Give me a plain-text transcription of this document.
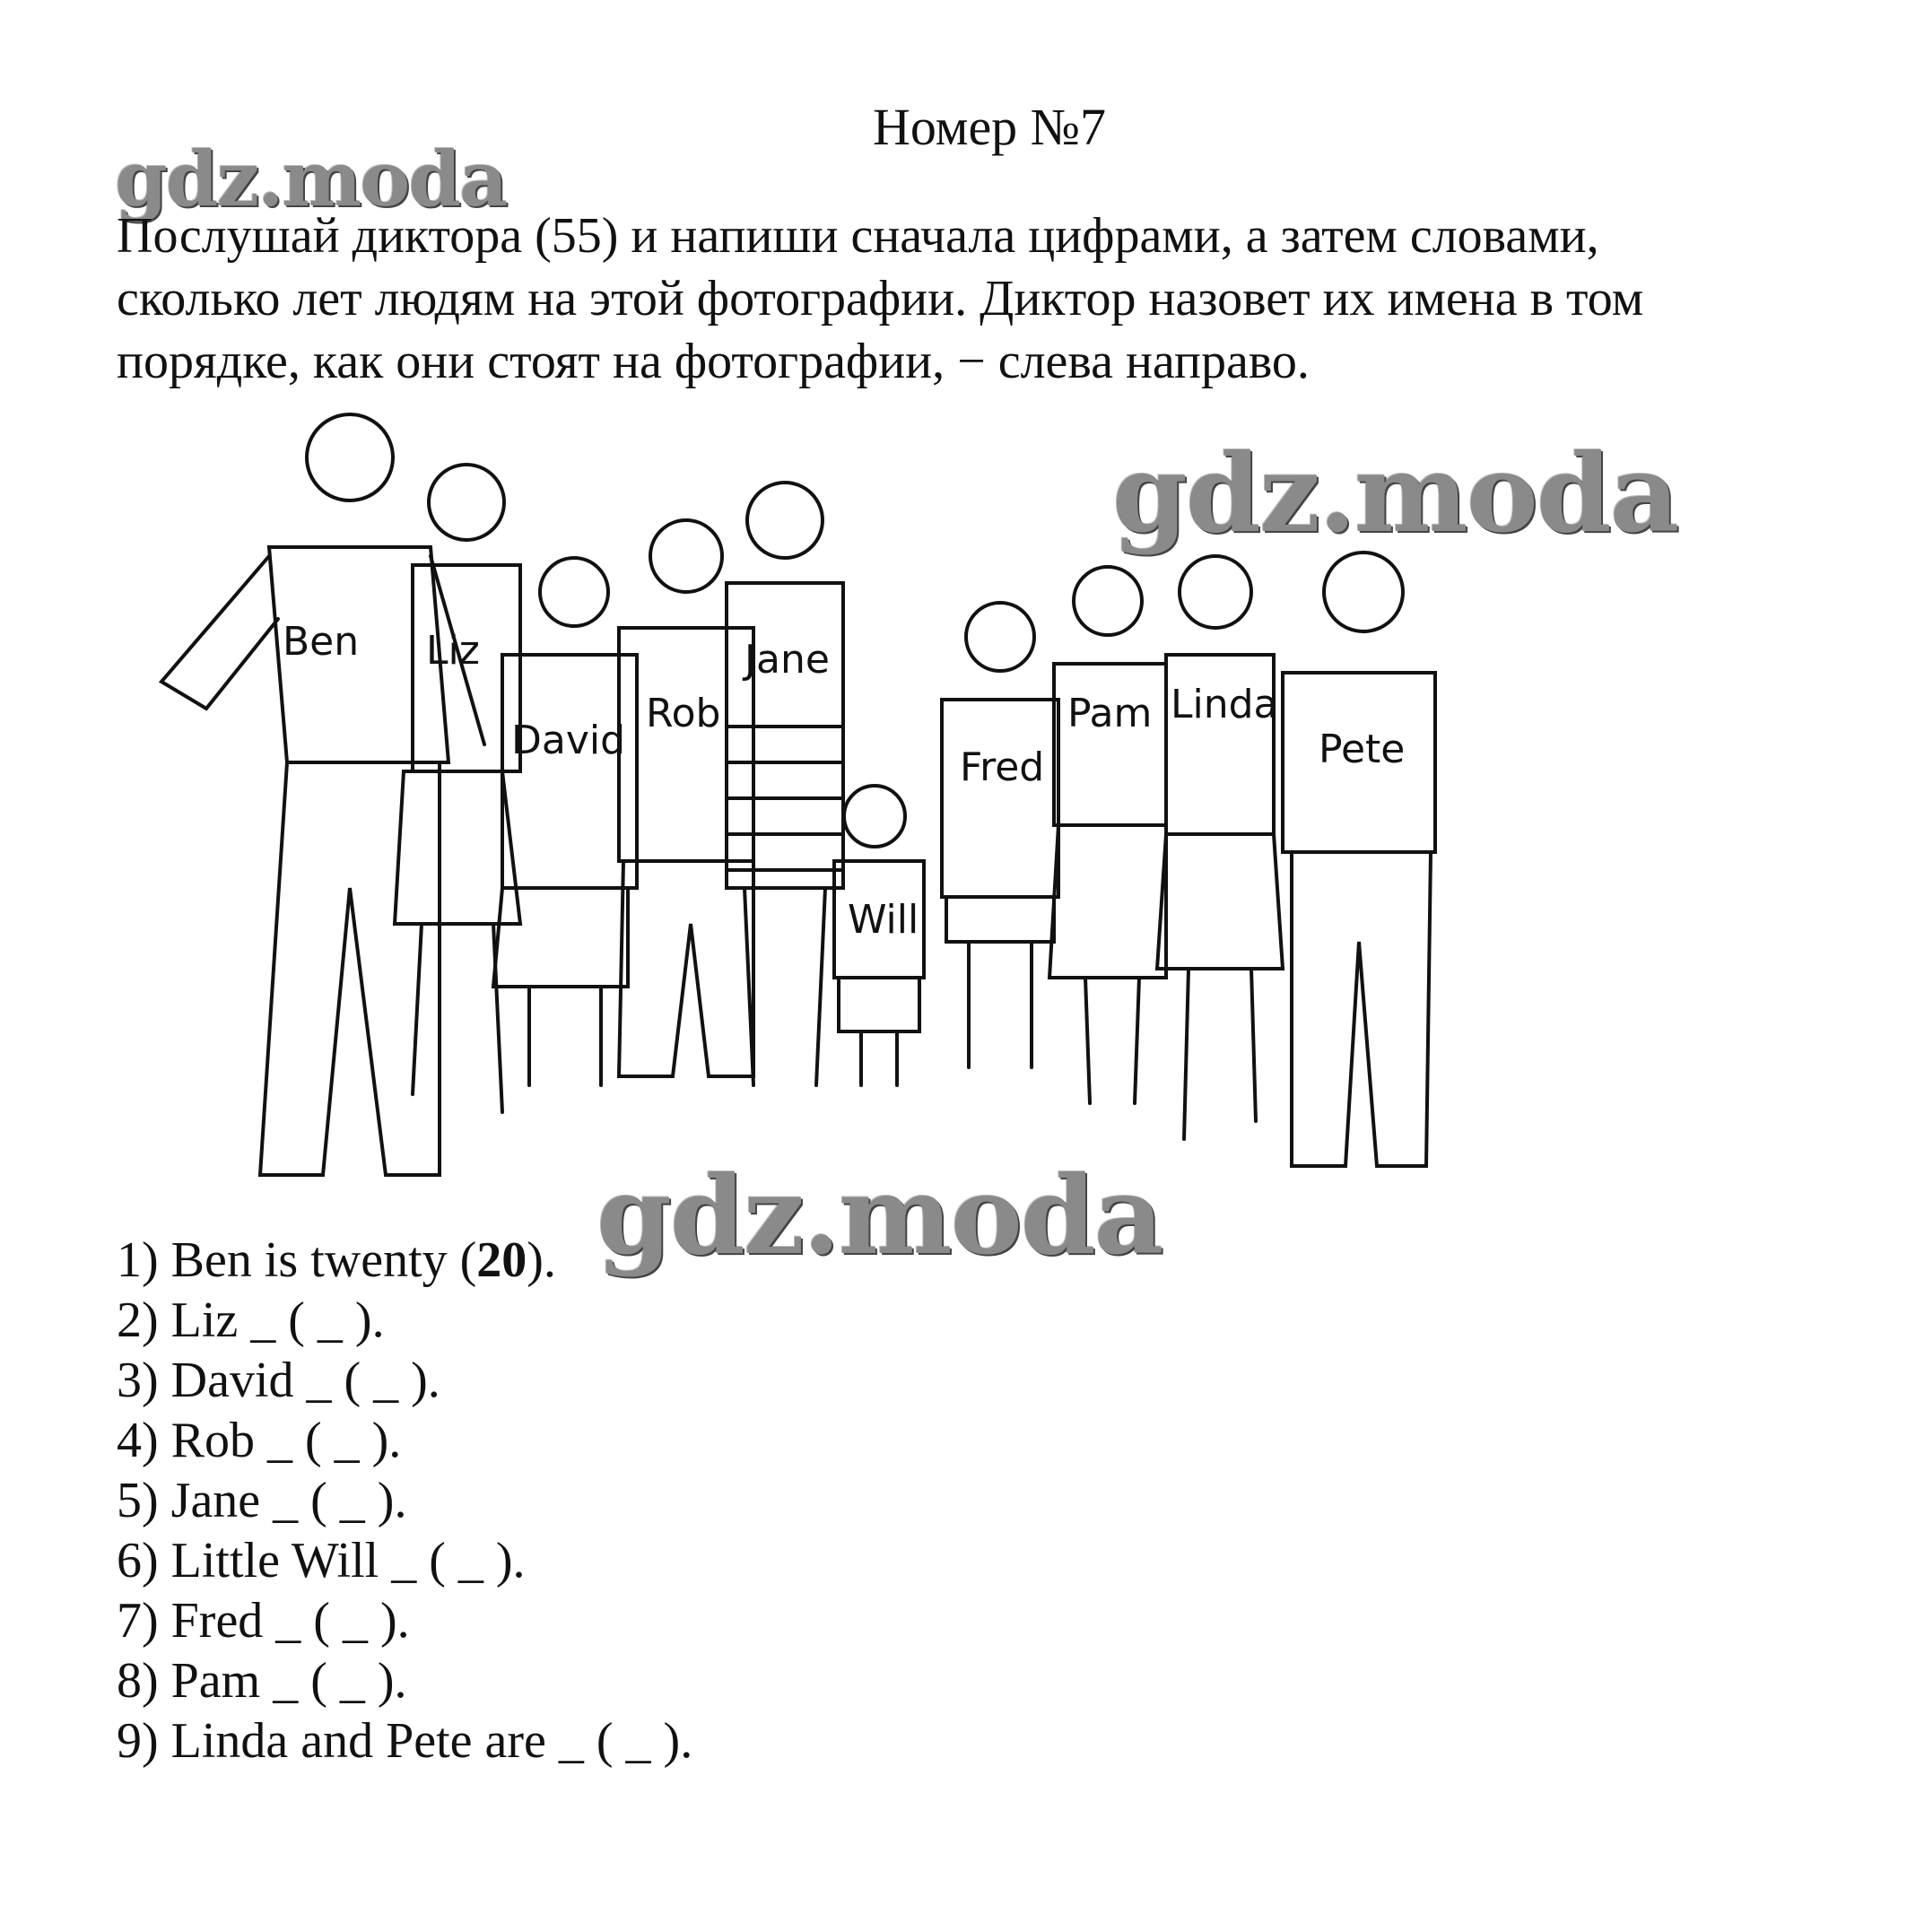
Номер №7
gdz.moda
Послушай диктора (55) и напиши сначала цифрами, а затем словами,
сколько лет людям на этой фотографии. Диктор назовет их имена в том
порядке, как они стоят на фотографии, − слева направо.
Ben Liz
David
Rob
Jane
Will
Fred
Pam Linda
Pete
gdz.moda
gdz.moda
1) Ben is twenty (20).
2) Liz _ ( _ ).
3) David _ ( _ ).
4) Rob _ ( _ ).
5) Jane _ ( _ ).
6) Little Will _ ( _ ).
7) Fred _ ( _ ).
8) Pam _ ( _ ).
9) Linda and Pete are _ ( _ ).
